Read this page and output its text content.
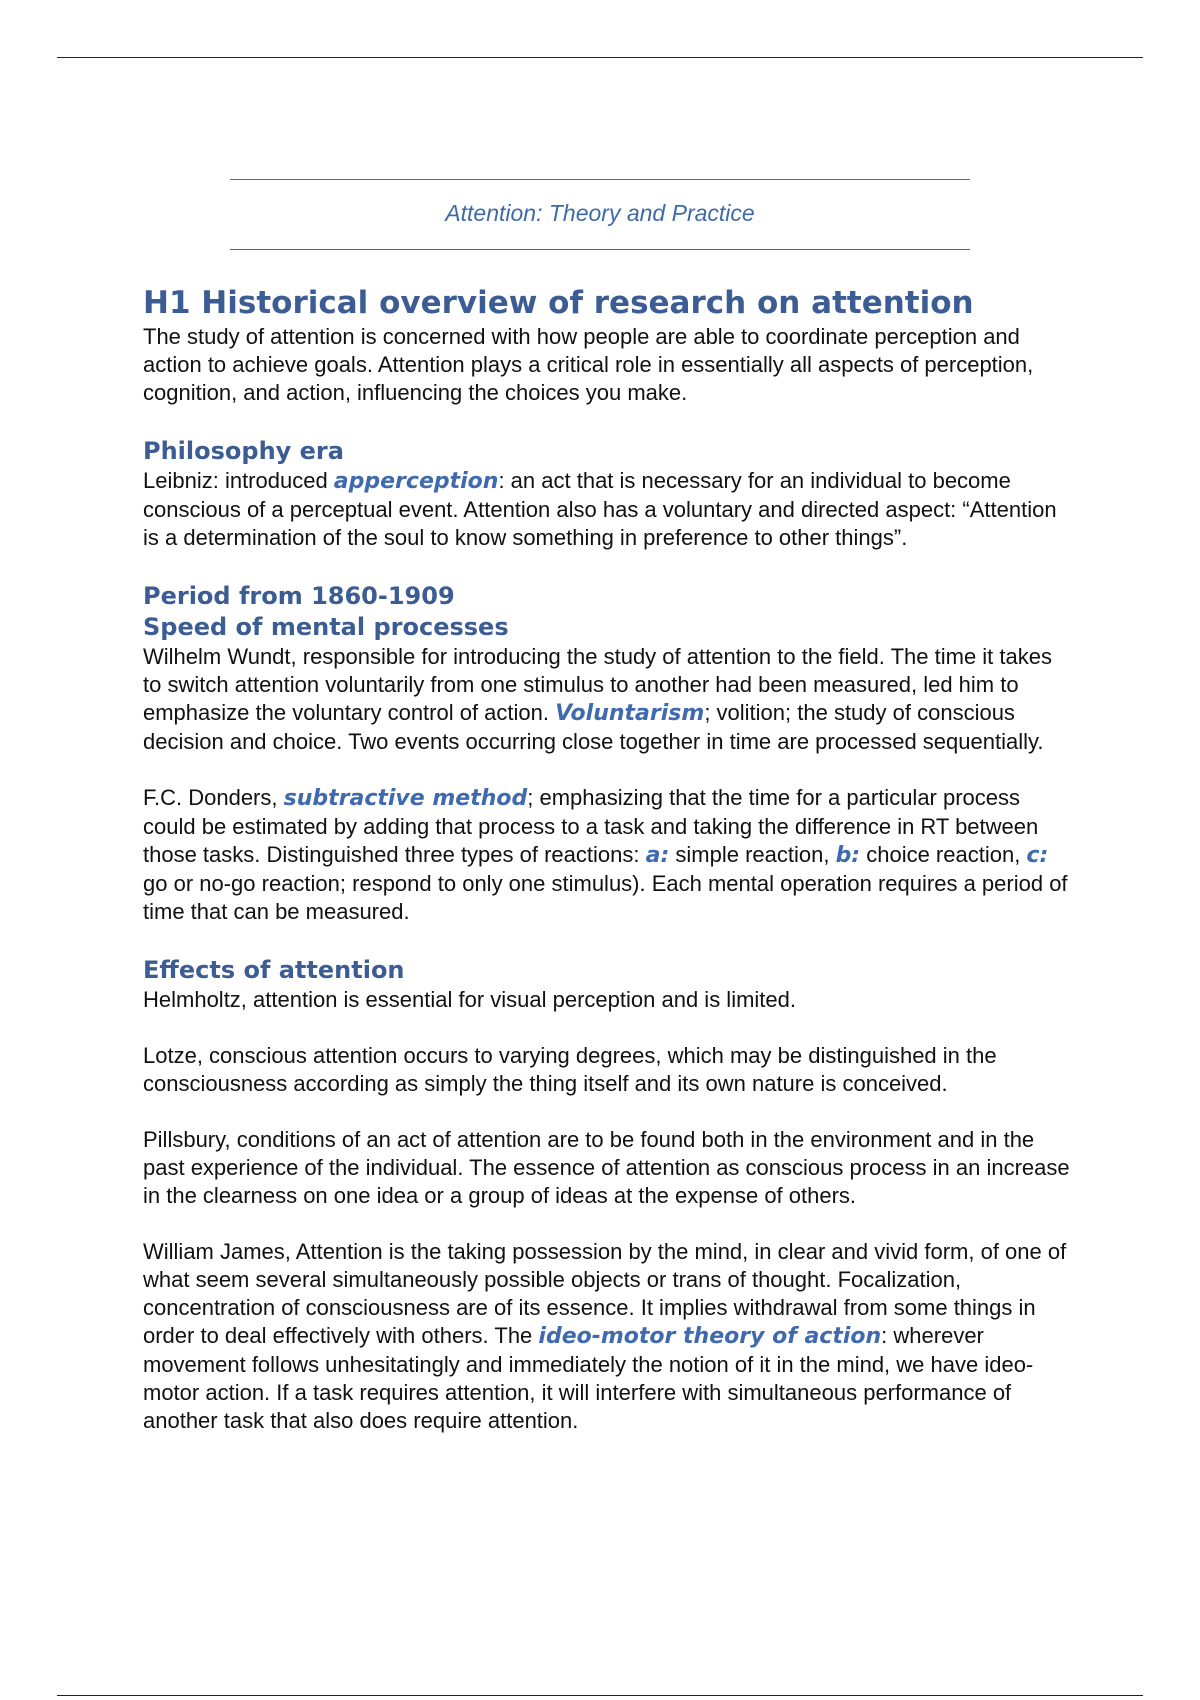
Attention: Theory and Practice
H1 Historical overview of research on attention

The study of attention is concerned with how people are able to coordinate perception and action to achieve goals. Attention plays a critical role in essentially all aspects of perception, cognition, and action, influencing the choices you make.

Philosophy era

Leibniz: introduced apperception: an act that is necessary for an individual to become conscious of a perceptual event. Attention also has a voluntary and directed aspect: “Attention is a determination of the soul to know something in preference to other things”.

Period from 1860-1909
Speed of mental processes

Wilhelm Wundt, responsible for introducing the study of attention to the field. The time it takes to switch attention voluntarily from one stimulus to another had been measured, led him to emphasize the voluntary control of action. Voluntarism; volition; the study of conscious decision and choice. Two events occurring close together in time are processed sequentially.

F.C. Donders, subtractive method; emphasizing that the time for a particular process could be estimated by adding that process to a task and taking the difference in RT between those tasks. Distinguished three types of reactions: a: simple reaction, b: choice reaction, c: go or no-go reaction; respond to only one stimulus). Each mental operation requires a period of time that can be measured.

Effects of attention

Helmholtz, attention is essential for visual perception and is limited.

Lotze, conscious attention occurs to varying degrees, which may be distinguished in the consciousness according as simply the thing itself and its own nature is conceived.

Pillsbury, conditions of an act of attention are to be found both in the environment and in the past experience of the individual. The essence of attention as conscious process in an increase in the clearness on one idea or a group of ideas at the expense of others.

William James, Attention is the taking possession by the mind, in clear and vivid form, of one of what seem several simultaneously possible objects or trans of thought. Focalization, concentration of consciousness are of its essence. It implies withdrawal from some things in order to deal effectively with others. The ideo-motor theory of action: wherever movement follows unhesitatingly and immediately the notion of it in the mind, we have ideo-motor action. If a task requires attention, it will interfere with simultaneous performance of another task that also does require attention.
